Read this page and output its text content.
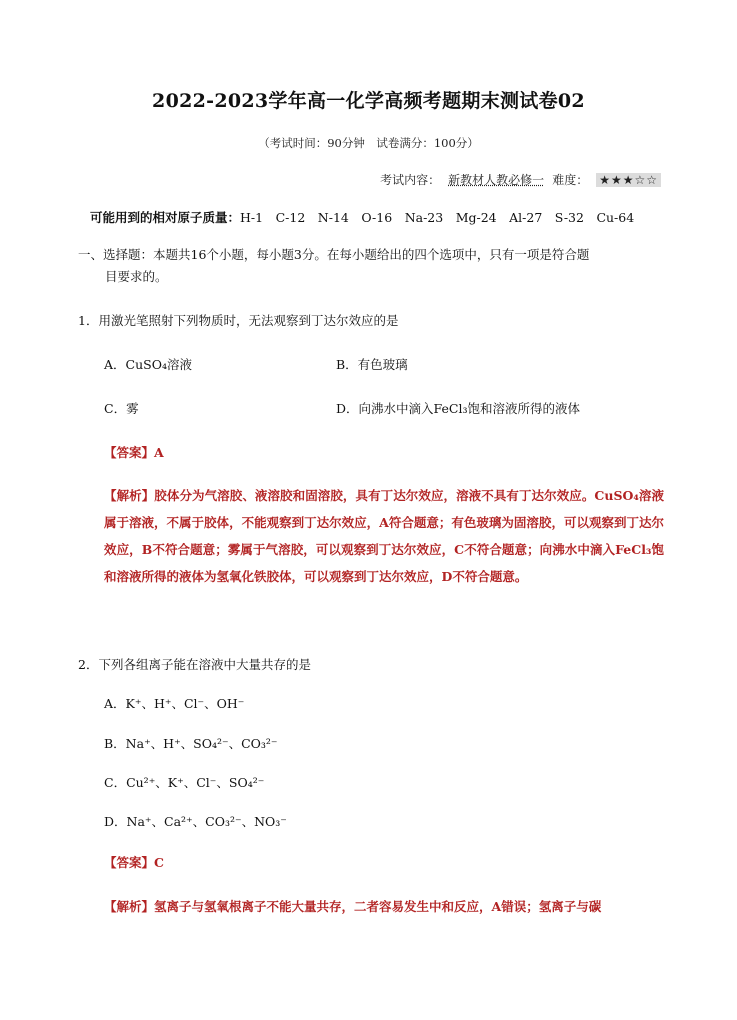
2022-2023学年高一化学高频考题期末测试卷02
（考试时间：90分钟　试卷满分：100分）
考试内容： 新教材人教必修一 难度： ★★★☆☆
可能用到的相对原子质量：H-1　C-12　N-14　O-16　Na-23　Mg-24　Al-27　S-32　Cu-64
一、选择题：本题共16个小题，每小题3分。在每小题给出的四个选项中，只有一项是符合题
目要求的。
1．用激光笔照射下列物质时，无法观察到丁达尔效应的是
A．CuSO₄溶液	B．有色玻璃
C．雾	D．向沸水中滴入FeCl₃饱和溶液所得的液体
【答案】A
【解析】胶体分为气溶胶、液溶胶和固溶胶，具有丁达尔效应，溶液不具有丁达尔效应。CuSO₄溶液属于溶液，不属于胶体，不能观察到丁达尔效应，A符合题意；有色玻璃为固溶胶，可以观察到丁达尔效应，B不符合题意；雾属于气溶胶，可以观察到丁达尔效应，C不符合题意；向沸水中滴入FeCl₃饱和溶液所得的液体为氢氧化铁胶体，可以观察到丁达尔效应，D不符合题意。
2．下列各组离子能在溶液中大量共存的是
A．K⁺、H⁺、Cl⁻、OH⁻
B．Na⁺、H⁺、SO₄²⁻、CO₃²⁻
C．Cu²⁺、K⁺、Cl⁻、SO₄²⁻
D．Na⁺、Ca²⁺、CO₃²⁻、NO₃⁻
【答案】C
【解析】氢离子与氢氧根离子不能大量共存，二者容易发生中和反应，A错误；氢离子与碳
